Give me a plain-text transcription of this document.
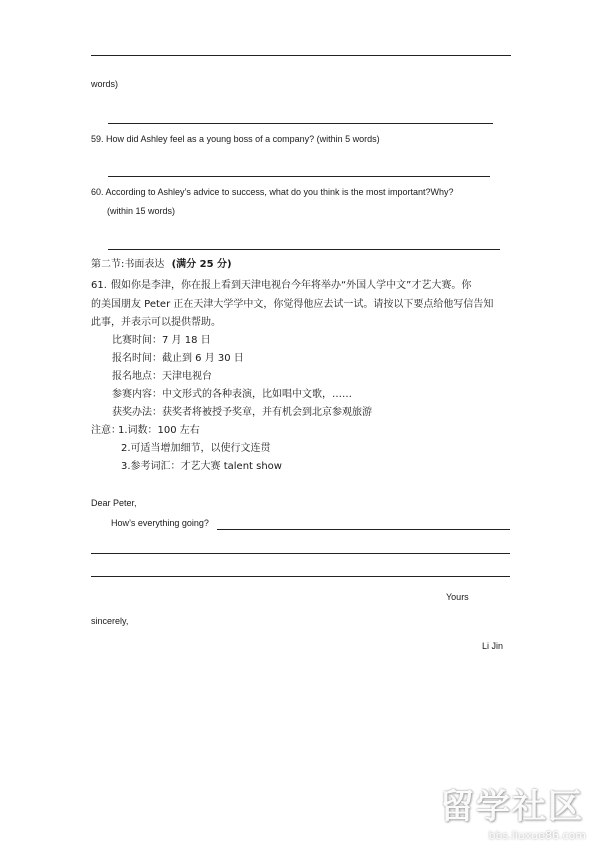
words)
59. How did Ashley feel as a young boss of a company? (within 5 words)
60. According to Ashley’s advice to success, what do you think is the most important?Why?
(within 15 words)
第二节:书面表达 (满分 25 分)
61. 假如你是李津，你在报上看到天津电视台今年将举办“外国人学中文”才艺大赛。你
的美国朋友 Peter 正在天津大学学中文，你觉得他应去试一试。请按以下要点给他写信告知
此事，并表示可以提供帮助。
比赛时间：7 月 18 日
报名时间：截止到 6 月 30 日
报名地点：天津电视台
参赛内容：中文形式的各种表演，比如唱中文歌，……
获奖办法：获奖者将被授予奖章，并有机会到北京参观旅游
注意：
1.词数：100 左右
2.可适当增加细节，以使行文连贯
3.参考词汇：才艺大赛 talent show
Dear Peter,
How’s everything going?
Yours
sincerely,
Li Jin
留学社区
bbs.liuxue86.com
